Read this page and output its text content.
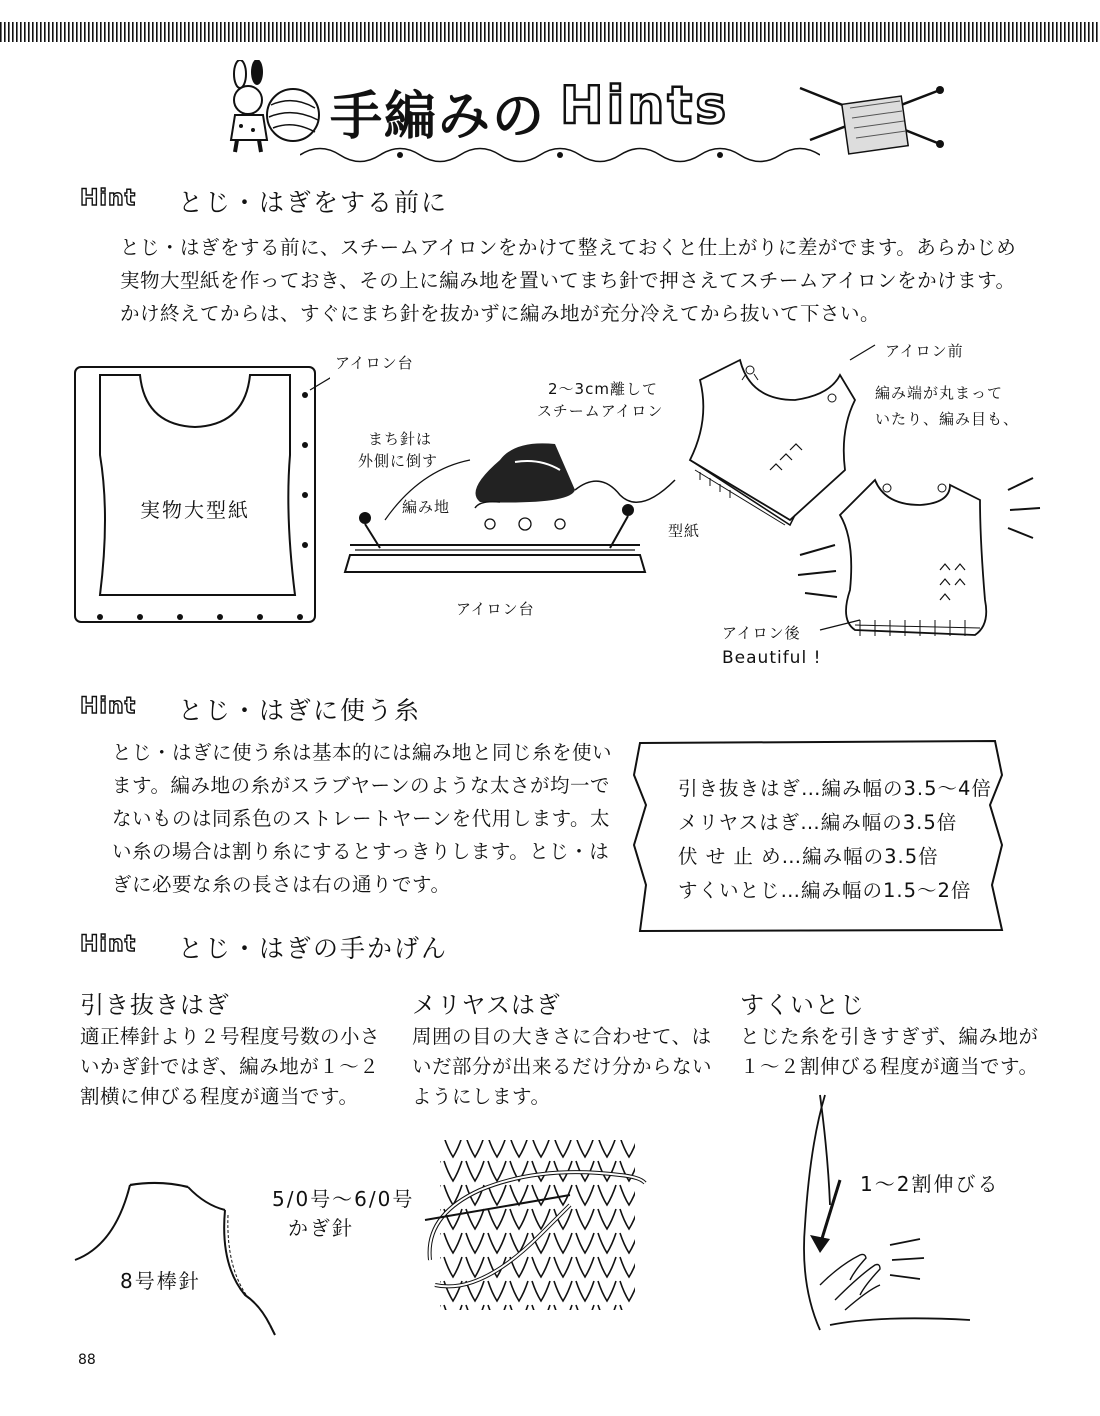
手編みの Hints
Hint とじ・はぎをする前に
とじ・はぎをする前に、スチームアイロンをかけて整えておくと仕上がりに差がでます。あらかじめ
実物大型紙を作っておき、その上に編み地を置いてまち針で押さえてスチームアイロンをかけます。
かけ終えてからは、すぐにまち針を抜かずに編み地が充分冷えてから抜いて下さい。
アイロン台
実物大型紙
2～3cm離して
スチームアイロン
まち針は
外側に倒す
編み地
型紙
アイロン台
アイロン前
編み端が丸まって
いたり、編み目も、
アイロン後
Beautiful !
Hint とじ・はぎに使う糸
とじ・はぎに使う糸は基本的には編み地と同じ糸を使い
ます。編み地の糸がスラブヤーンのような太さが均一で
ないものは同系色のストレートヤーンを代用します。太
い糸の場合は割り糸にするとすっきりします。とじ・は
ぎに必要な糸の長さは右の通りです。
引き抜きはぎ…編み幅の3.5～4倍
メリヤスはぎ…編み幅の3.5倍
伏 せ 止 め…編み幅の3.5倍
すくいとじ…編み幅の1.5～2倍
Hint とじ・はぎの手かげん
引き抜きはぎ
適正棒針より２号程度号数の小さ
いかぎ針ではぎ、編み地が１～２
割横に伸びる程度が適当です。
メリヤスはぎ
周囲の目の大きさに合わせて、は
いだ部分が出来るだけ分からない
ようにします。
すくいとじ
とじた糸を引きすぎず、編み地が
１～２割伸びる程度が適当です。
5/0号～6/0号
かぎ針
8号棒針
1～2割伸びる
88
